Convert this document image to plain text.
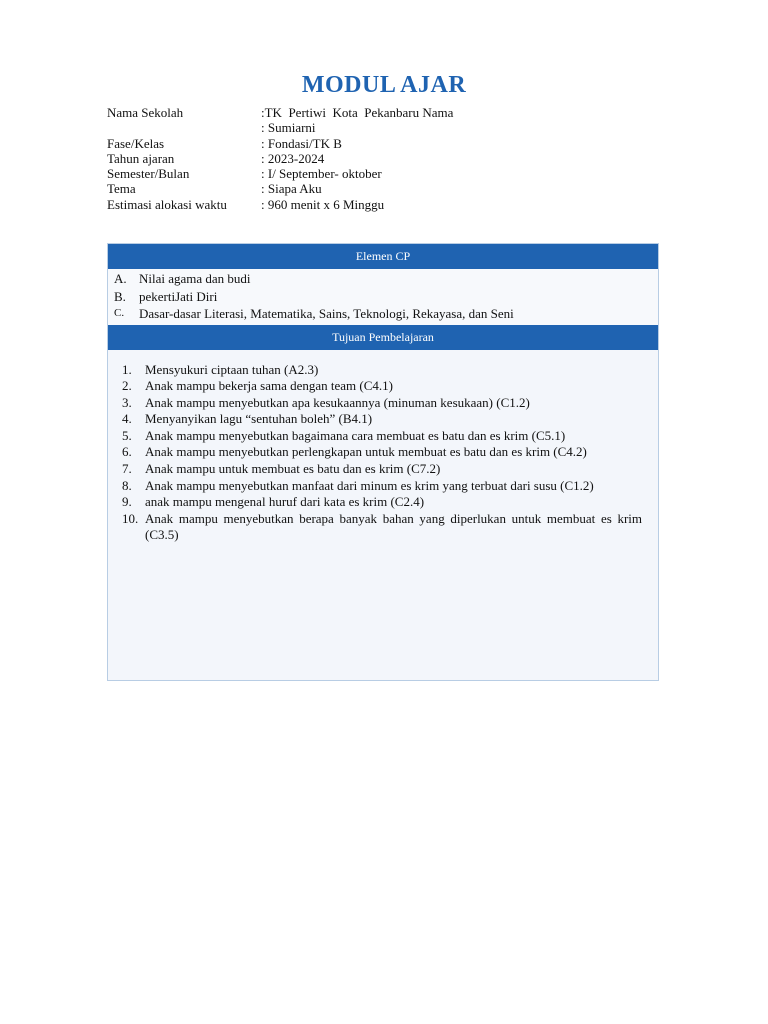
MODUL AJAR
Nama Sekolah	:TK  Pertiwi  Kota  Pekanbaru Nama
: Sumiarni
Fase/Kelas	: Fondasi/TK B
Tahun ajaran	: 2023-2024
Semester/Bulan	: I/ September- oktober
Tema	: Siapa Aku
Estimasi alokasi waktu	: 960 menit x 6 Minggu
Elemen CP
A. Nilai agama dan budi
B.	pekertiJati Diri
C.	Dasar-dasar Literasi, Matematika, Sains, Teknologi, Rekayasa, dan Seni
Tujuan Pembelajaran
1.	Mensyukuri ciptaan tuhan (A2.3)
2.	Anak mampu bekerja sama dengan team (C4.1)
3.	Anak mampu menyebutkan apa kesukaannya (minuman kesukaan) (C1.2)
4.	Menyanyikan lagu “sentuhan boleh” (B4.1)
5.	Anak mampu menyebutkan bagaimana cara membuat es batu dan es krim (C5.1)
6.	Anak mampu menyebutkan perlengkapan untuk membuat es batu dan es krim (C4.2)
7.	Anak mampu untuk membuat es batu dan es krim (C7.2)
8.	Anak mampu menyebutkan manfaat dari minum es krim yang terbuat dari susu (C1.2)
9.	anak mampu mengenal huruf dari kata es krim (C2.4)
10. Anak mampu menyebutkan berapa banyak bahan yang diperlukan untuk membuat es krim (C3.5)
